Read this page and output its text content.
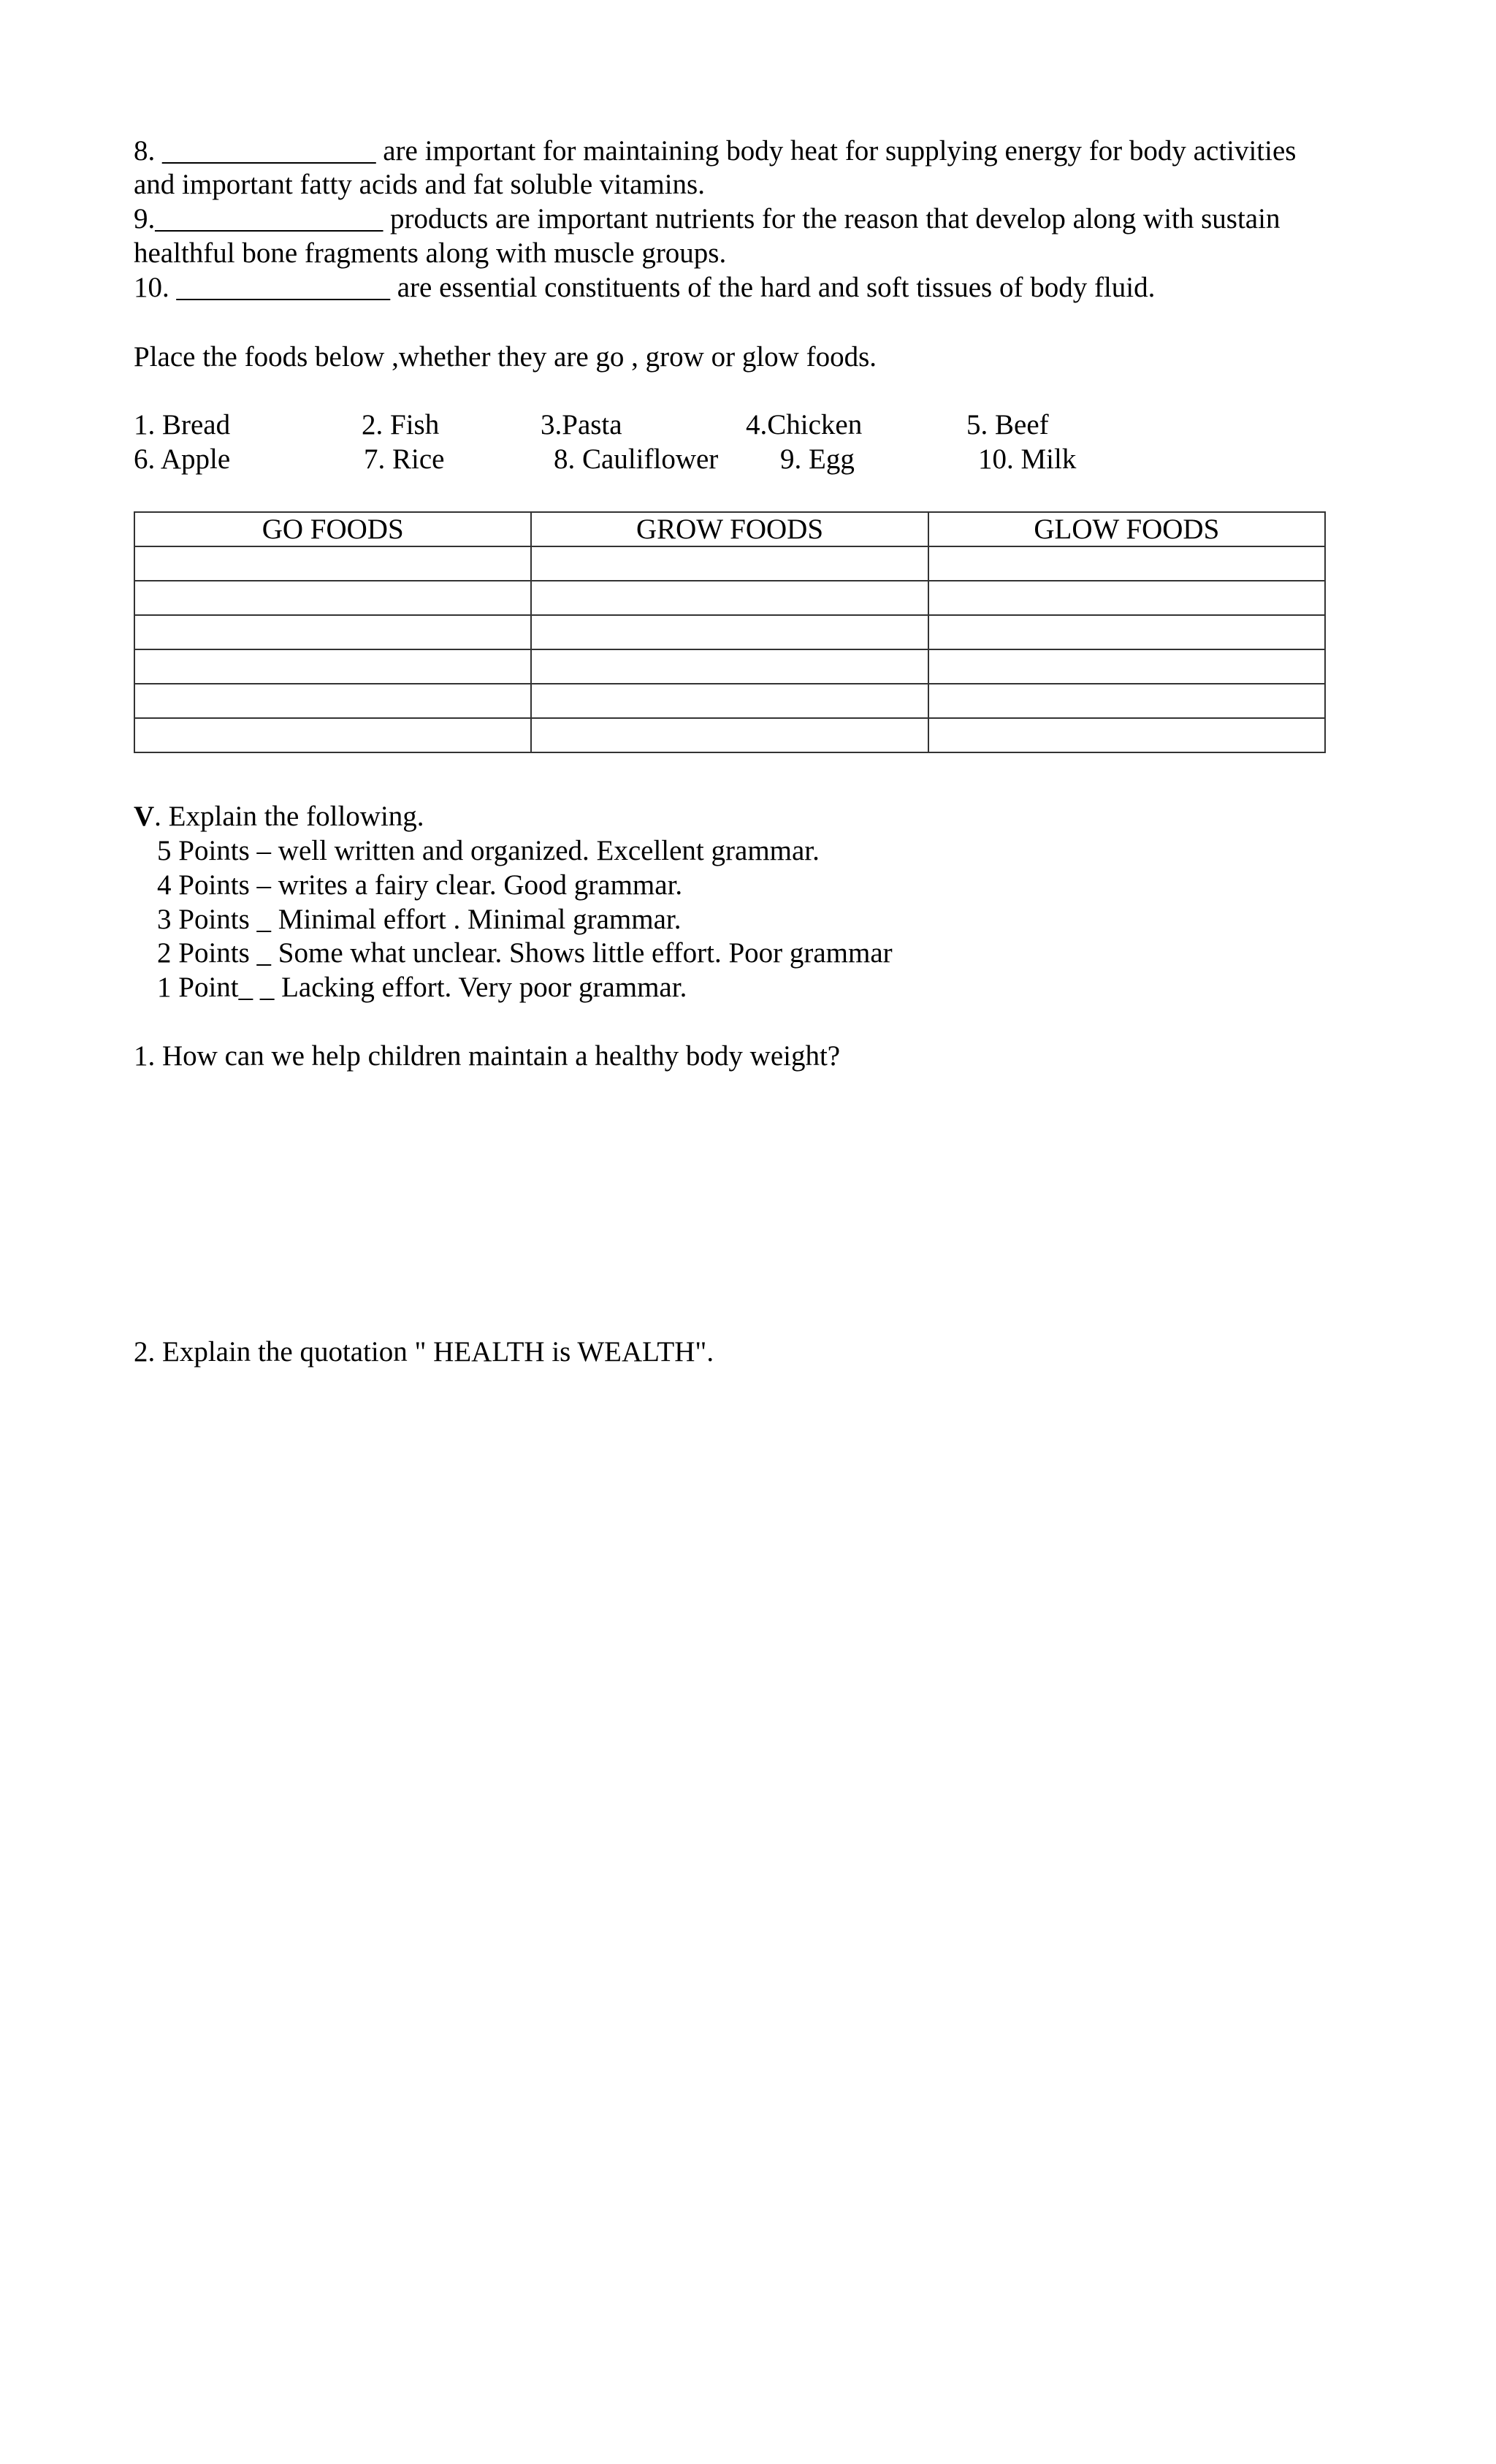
8. _______________ are important for maintaining body heat for supplying energy for body activities
and important fatty acids and fat soluble vitamins.
9.________________ products are important nutrients for the reason that develop along with sustain
healthful bone fragments along with muscle groups.
10. _______________ are essential constituents of the hard and soft tissues of body fluid.
Place the foods below ,whether they are go , grow or glow foods.

1. Bread

	2. Fish

	3.Pasta

	4.Chicken

	5. Beef

6. Apple

	7. Rice

	8. Cauliflower

9. Egg

	10. Milk

GO FOODS	GROW FOODS	GLOW FOODS

V. Explain the following.
5 Points – well written and organized. Excellent grammar.
4 Points – writes a fairy clear. Good grammar.
3 Points _ Minimal effort . Minimal grammar.
2 Points _ Some what unclear. Shows little effort. Poor grammar
1 Point_ _ Lacking effort. Very poor grammar.
1. How can we help children maintain a healthy body weight?
2. Explain the quotation " HEALTH is WEALTH".
